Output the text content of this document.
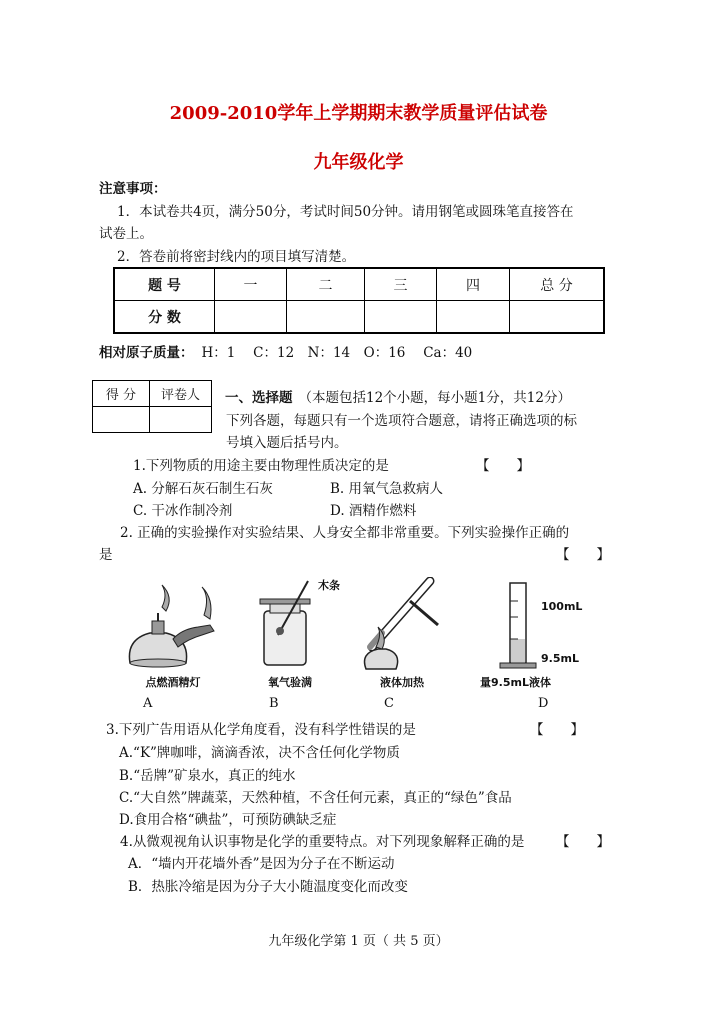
2009-2010学年上学期期末教学质量评估试卷
九年级化学
注意事项：
1．本试卷共4页，满分50分，考试时间50分钟。请用钢笔或圆珠笔直接答在
试卷上。
2．答卷前将密封线内的项目填写清楚。
题 号	一	二	三	四	总 分
分 数					
相对原子质量： H：1　 C：12　N：14　O：16　 Ca：40
得 分	评卷人
	一、选择题 （本题包括12个小题，每小题1分，共12分）
下列各题，每题只有一个选项符合题意，请将正确选项的标
号填入题后括号内。
1.下列物质的用途主要由物理性质决定的是	【　　】
A. 分解石灰石制生石灰	B. 用氧气急救病人
C. 干冰作制冷剂	D. 酒精作燃料
2. 正确的实验操作对实验结果、人身安全都非常重要。下列实验操作正确的
是	【　　】
点燃酒精灯	氧气验满
木条
液体加热	量9.5mL液体
100mL
9.5mL
A	B	C	D
3.下列广告用语从化学角度看，没有科学性错误的是	【　　】
A.“K”牌咖啡，滴滴香浓，决不含任何化学物质
B.“岳牌”矿泉水，真正的纯水
C.“大自然”牌蔬菜，天然种植，不含任何元素，真正的“绿色”食品
D.食用合格“碘盐”，可预防碘缺乏症
4.从微观视角认识事物是化学的重要特点。对下列现象解释正确的是 【　　】
A．“墙内开花墙外香”是因为分子在不断运动
B．热胀冷缩是因为分子大小随温度变化而改变
九年级化学第 1 页（ 共 5 页）
